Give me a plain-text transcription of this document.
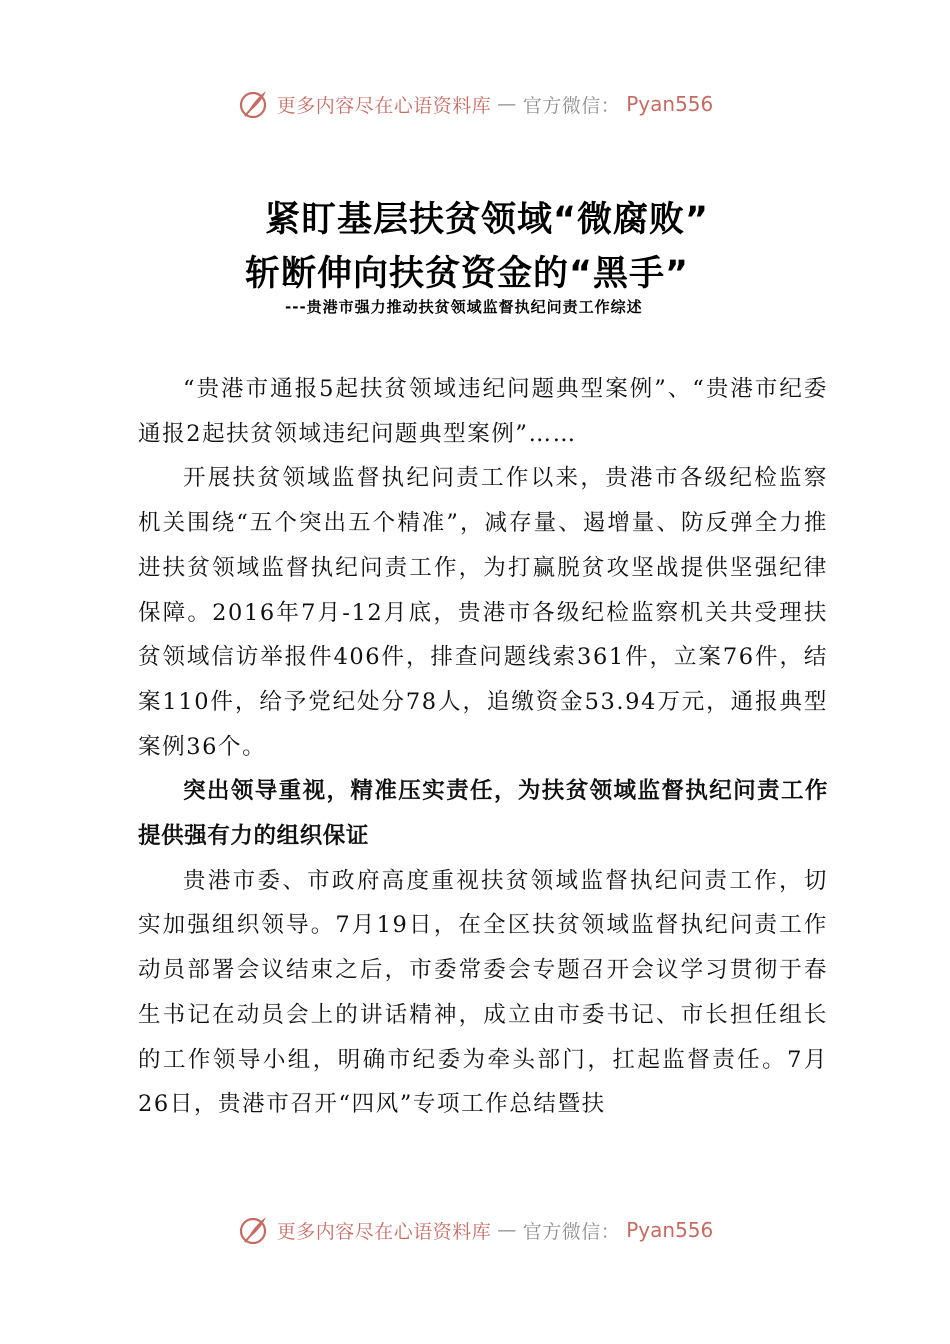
更多内容尽在心语资料库 — 官方微信： Pyan556
紧盯基层扶贫领域“微腐败”
斩断伸向扶贫资金的“黑手”
---贵港市强力推动扶贫领域监督执纪问责工作综述

“贵港市通报5起扶贫领域违纪问题典型案例”、“贵港市纪委通报2起扶贫领域违纪问题典型案例”……

开展扶贫领域监督执纪问责工作以来，贵港市各级纪检监察机关围绕“五个突出五个精准”，减存量、遏增量、防反弹全力推进扶贫领域监督执纪问责工作，为打赢脱贫攻坚战提供坚强纪律保障。2016年7月-12月底，贵港市各级纪检监察机关共受理扶贫领域信访举报件406件，排查问题线索361件，立案76件，结案110件，给予党纪处分78人，追缴资金53.94万元，通报典型案例36个。

突出领导重视，精准压实责任，为扶贫领域监督执纪问责工作提供强有力的组织保证

贵港市委、市政府高度重视扶贫领域监督执纪问责工作，切实加强组织领导。7月19日，在全区扶贫领域监督执纪问责工作动员部署会议结束之后，市委常委会专题召开会议学习贯彻于春生书记在动员会上的讲话精神，成立由市委书记、市长担任组长的工作领导小组，明确市纪委为牵头部门，扛起监督责任。7月26日，贵港市召开“四风”专项工作总结暨扶

更多内容尽在心语资料库 — 官方微信： Pyan556
